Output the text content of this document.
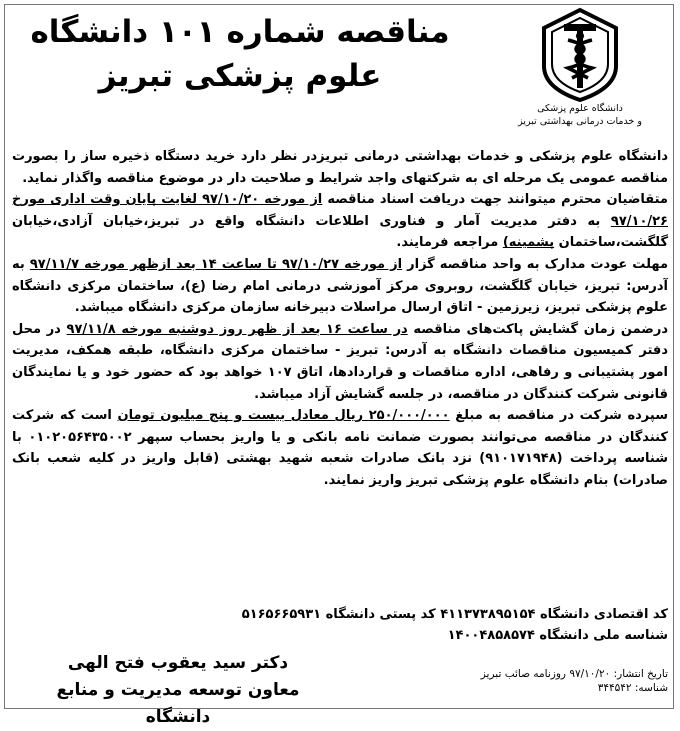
مناقصه شماره ۱۰۱ دانشگاه
علوم پزشکی تبریز
دانشگاه علوم پزشکی
و خدمات درمانی بهداشتی تبریز

دانشگاه علوم پزشکی و خدمات بهداشتی درمانی تبریزدر نظر دارد خرید دستگاه ذخیره ساز را بصورت مناقصه عمومی یک مرحله ای به شرکتهای واجد شرایط و صلاحیت دار در موضوع مناقصه واگذار نماید.

متقاضیان محترم میتوانند جهت دریافت اسناد مناقصه از مورخه ۹۷/۱۰/۲۰ لغایت پایان وقت اداری مورخ ۹۷/۱۰/۲۶ به دفتر مدیریت آمار و فناوری اطلاعات دانشگاه واقع در تبریز،خیابان آزادی،خیابان گلگشت،ساختمان پشمینه) مراجعه فرمایند.

مهلت عودت مدارک به واحد مناقصه گزار از مورخه ۹۷/۱۰/۲۷ تا ساعت ۱۴ بعد ازظهر مورخه ۹۷/۱۱/۷ به آدرس: تبریز، خیابان گلگشت، روبروی مرکز آموزشی درمانی امام رضا (ع)، ساختمان مرکزی دانشگاه علوم پزشکی تبریز، زیرزمین - اتاق ارسال مراسلات دبیرخانه سازمان مرکزی دانشگاه میباشد.

درضمن زمان گشایش پاکت‌های مناقصه در ساعت ۱۶ بعد از ظهر روز دوشنبه مورخه ۹۷/۱۱/۸ در محل دفتر کمیسیون مناقصات دانشگاه به آدرس: تبریز - ساختمان مرکزی دانشگاه، طبقه همکف، مدیریت امور پشتیبانی و رفاهی، اداره مناقصات و قراردادها، اتاق ۱۰۷ خواهد بود که حضور خود و یا نمایندگان قانونی شرکت کنندگان در مناقصه، در جلسه گشایش آزاد میباشد.

سپرده شرکت در مناقصه به مبلغ ۲۵۰/۰۰۰/۰۰۰ ریال معادل بیست و پنج میلیون تومان است که شرکت کنندگان در مناقصه می‌توانند بصورت ضمانت نامه بانکی و یا واریز بحساب سپهر ۰۱۰۲۰۵۶۴۳۵۰۰۲ با شناسه پرداخت (۹۱۰۱۷۱۹۴۸) نزد بانک صادرات شعبه شهید بهشتی (قابل واریز در کلیه شعب بانک صادرات) بنام دانشگاه علوم پزشکی تبریز واریز نمایند.

کد اقتصادی دانشگاه ۴۱۱۳۷۳۸۹۵۱۵۴ کد پستی دانشگاه ۵۱۶۵۶۶۵۹۳۱

شناسه ملی دانشگاه ۱۴۰۰۴۸۵۸۵۷۴

دکتر سید یعقوب فتح الهی
معاون توسعه مدیریت و منابع دانشگاه

تاریخ انتشار: ۹۷/۱۰/۲۰ روزنامه صائب تبریز

شناسه: ۳۴۴۵۴۲
